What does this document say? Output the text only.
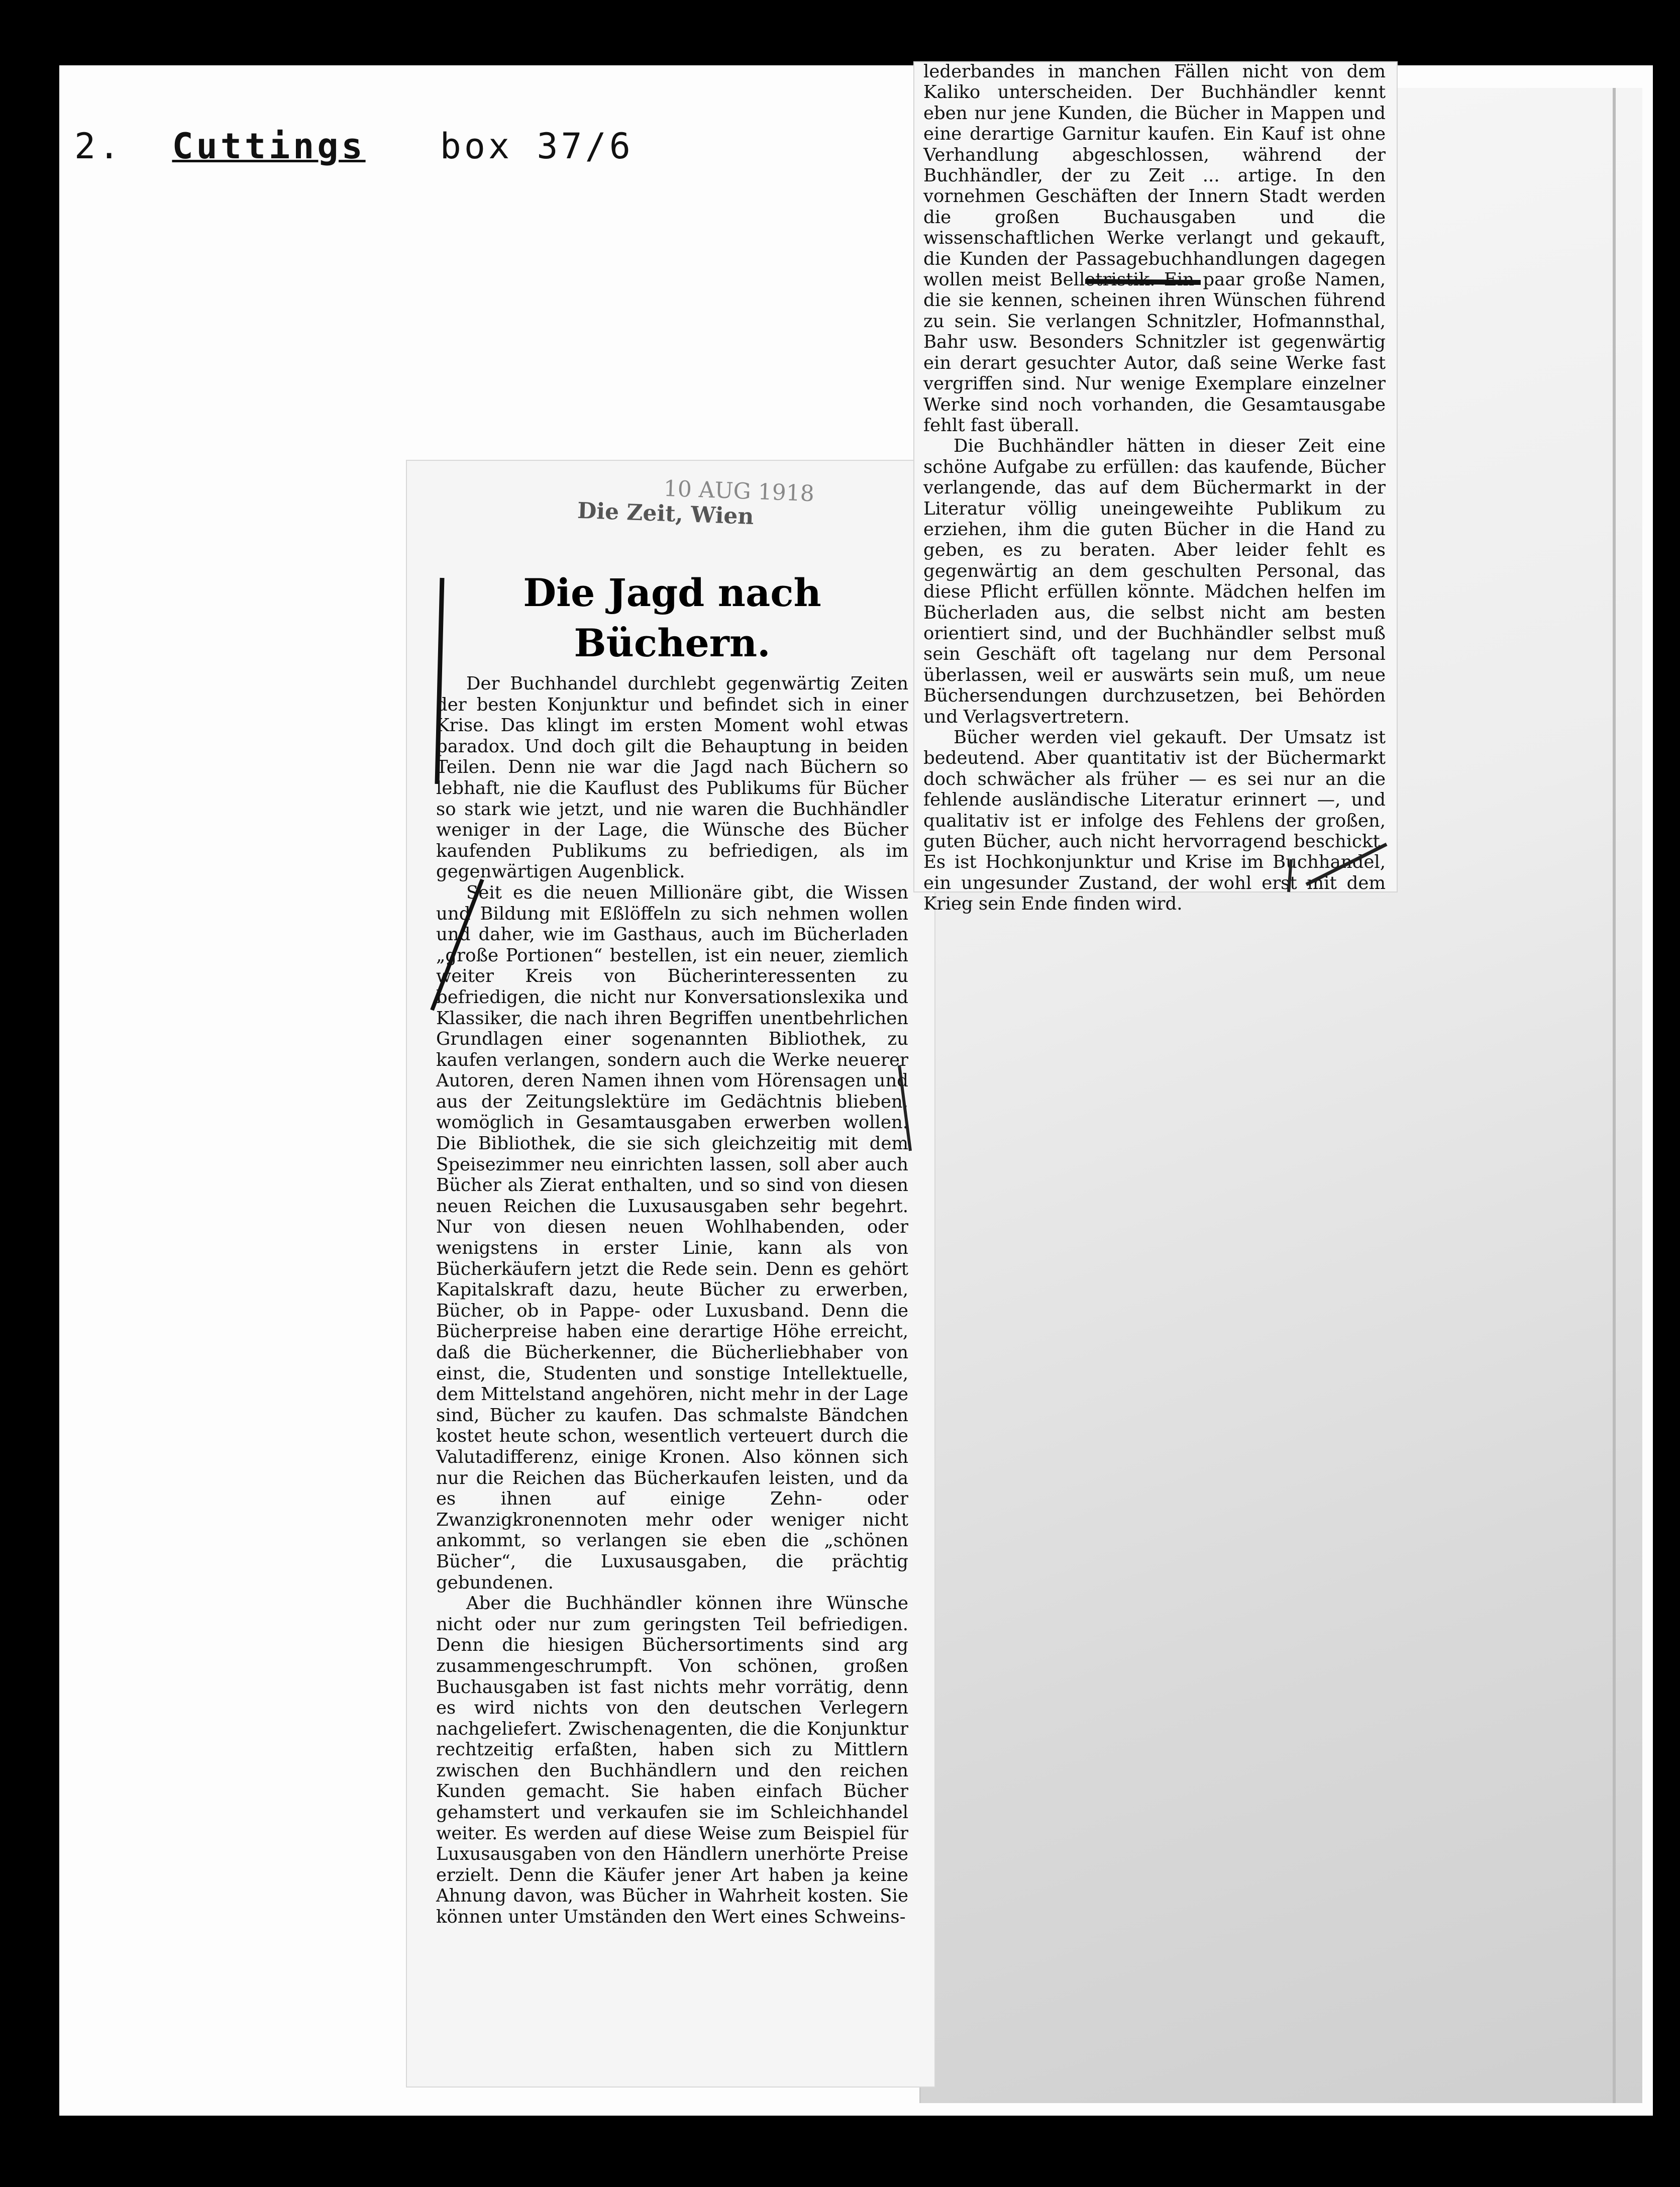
2. Cuttings box 37/6
10 AUG 1918
Die Zeit, Wien
Die Jagd nach Büchern.

Der Buchhandel durchlebt gegenwärtig Zeiten der besten Konjunktur und befindet sich in einer Krise. Das klingt im ersten Moment wohl etwas paradox. Und doch gilt die Behauptung in beiden Teilen. Denn nie war die Jagd nach Büchern so lebhaft, nie die Kauflust des Publikums für Bücher so stark wie jetzt, und nie waren die Buchhändler weniger in der Lage, die Wünsche des Bücher kaufenden Publikums zu befriedigen, als im gegenwärtigen Augenblick.

Seit es die neuen Millionäre gibt, die Wissen und Bildung mit Eßlöffeln zu sich nehmen wollen und daher, wie im Gasthaus, auch im Bücherladen „große Portionen“ bestellen, ist ein neuer, ziemlich weiter Kreis von Bücherinteressenten zu befriedigen, die nicht nur Konversationslexika und Klassiker, die nach ihren Begriffen unentbehrlichen Grundlagen einer sogenannten Bibliothek, zu kaufen verlangen, sondern auch die Werke neuerer Autoren, deren Namen ihnen vom Hörensagen und aus der Zeitungslektüre im Gedächtnis blieben, womöglich in Gesamtausgaben erwerben wollen. Die Bibliothek, die sie sich gleichzeitig mit dem Speisezimmer neu einrichten lassen, soll aber auch Bücher als Zierat enthalten, und so sind von diesen neuen Reichen die Luxusausgaben sehr begehrt. Nur von diesen neuen Wohlhabenden, oder wenigstens in erster Linie, kann als von Bücherkäufern jetzt die Rede sein. Denn es gehört Kapitalskraft dazu, heute Bücher zu erwerben, Bücher, ob in Pappe- oder Luxusband. Denn die Bücherpreise haben eine derartige Höhe erreicht, daß die Bücherkenner, die Bücherliebhaber von einst, die, Studenten und sonstige Intellektuelle, dem Mittelstand angehören, nicht mehr in der Lage sind, Bücher zu kaufen. Das schmalste Bändchen kostet heute schon, wesentlich verteuert durch die Valutadifferenz, einige Kronen. Also können sich nur die Reichen das Bücherkaufen leisten, und da es ihnen auf einige Zehn- oder Zwanzigkronennoten mehr oder weniger nicht ankommt, so verlangen sie eben die „schönen Bücher“, die Luxusausgaben, die prächtig gebundenen.

Aber die Buchhändler können ihre Wünsche nicht oder nur zum geringsten Teil befriedigen. Denn die hiesigen Büchersortiments sind arg zusammengeschrumpft. Von schönen, großen Buchausgaben ist fast nichts mehr vorrätig, denn es wird nichts von den deutschen Verlegern nachgeliefert. Zwischenagenten, die die Konjunktur rechtzeitig erfaßten, haben sich zu Mittlern zwischen den Buchhändlern und den reichen Kunden gemacht. Sie haben einfach Bücher gehamstert und verkaufen sie im Schleichhandel weiter. Es werden auf diese Weise zum Beispiel für Luxusausgaben von den Händlern unerhörte Preise erzielt. Denn die Käufer jener Art haben ja keine Ahnung davon, was Bücher in Wahrheit kosten. Sie können unter Umständen den Wert eines Schweins-

lederbandes in manchen Fällen nicht von dem Kaliko unterscheiden. Der Buchhändler kennt eben nur jene Kunden, die Bücher in Mappen und eine derartige Garnitur kaufen. Ein Kauf ist ohne Verhandlung abgeschlossen, während der Buchhändler, der zu Zeit ... artige. In den vornehmen Geschäften der Innern Stadt werden die großen Buchausgaben und die wissenschaftlichen Werke verlangt und gekauft, die Kunden der Passagebuchhandlungen dagegen wollen meist Belletristik. Ein paar große Namen, die sie kennen, scheinen ihren Wünschen führend zu sein. Sie verlangen Schnitzler, Hofmannsthal, Bahr usw. Besonders Schnitzler ist gegenwärtig ein derart gesuchter Autor, daß seine Werke fast vergriffen sind. Nur wenige Exemplare einzelner Werke sind noch vorhanden, die Gesamtausgabe fehlt fast überall.

Die Buchhändler hätten in dieser Zeit eine schöne Aufgabe zu erfüllen: das kaufende, Bücher verlangende, das auf dem Büchermarkt in der Literatur völlig uneingeweihte Publikum zu erziehen, ihm die guten Bücher in die Hand zu geben, es zu beraten. Aber leider fehlt es gegenwärtig an dem geschulten Personal, das diese Pflicht erfüllen könnte. Mädchen helfen im Bücherladen aus, die selbst nicht am besten orientiert sind, und der Buchhändler selbst muß sein Geschäft oft tagelang nur dem Personal überlassen, weil er auswärts sein muß, um neue Büchersendungen durchzusetzen, bei Behörden und Verlagsvertretern.

Bücher werden viel gekauft. Der Umsatz ist bedeutend. Aber quantitativ ist der Büchermarkt doch schwächer als früher — es sei nur an die fehlende ausländische Literatur erinnert —, und qualitativ ist er infolge des Fehlens der großen, guten Bücher, auch nicht hervorragend beschickt. Es ist Hochkonjunktur und Krise im Buchhandel, ein ungesunder Zustand, der wohl erst mit dem Krieg sein Ende finden wird.
